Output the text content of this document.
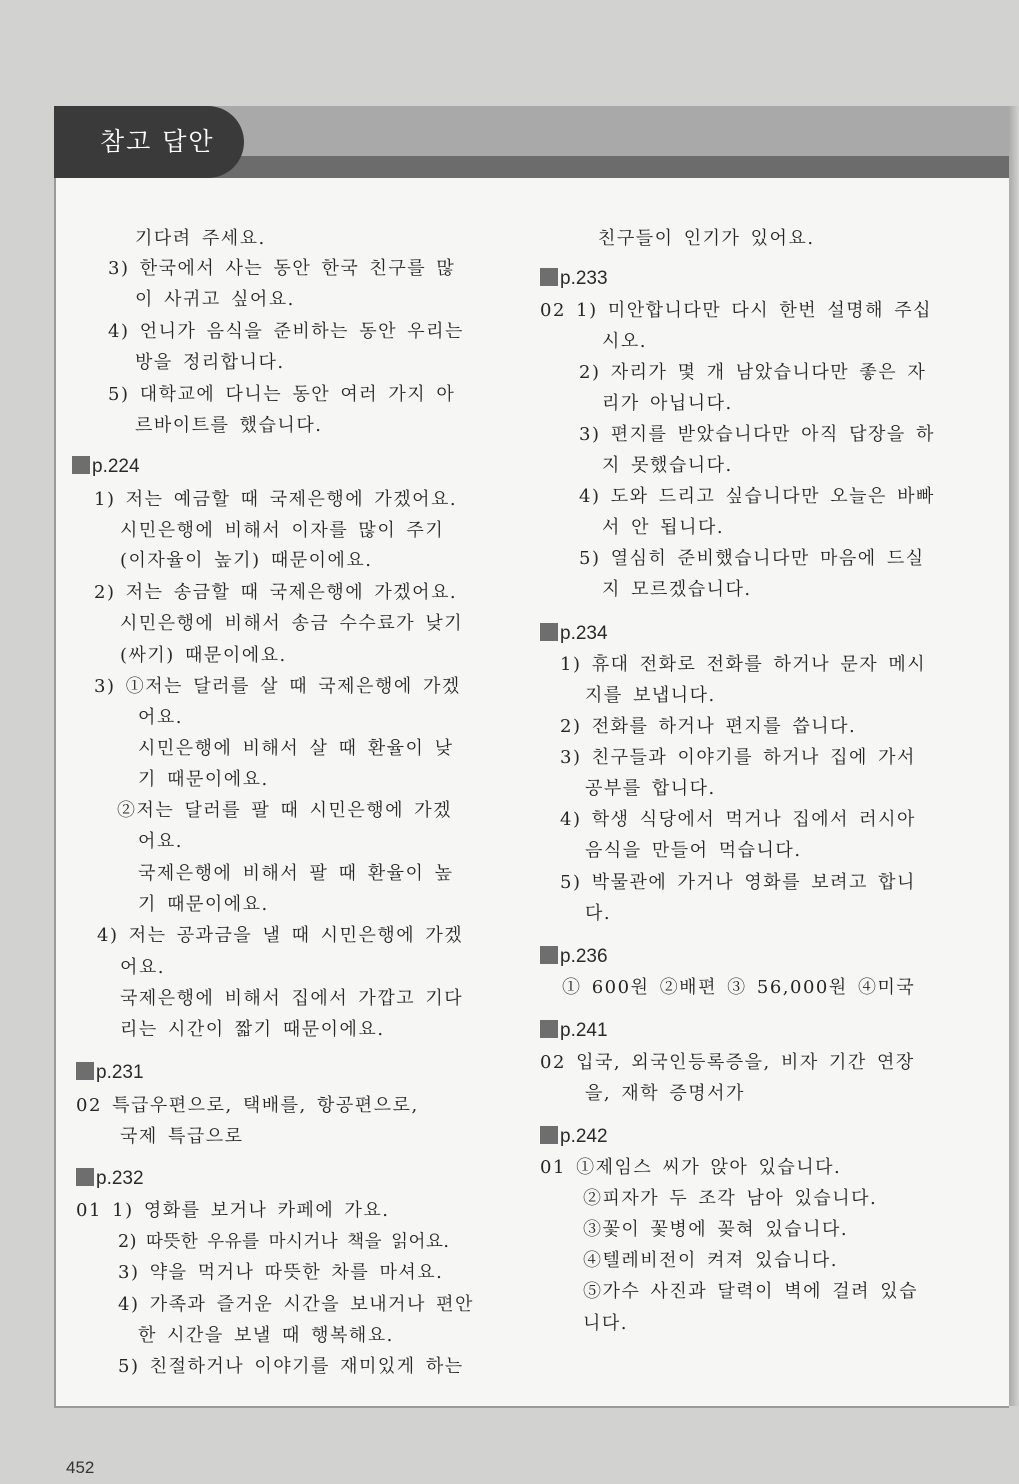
참고 답안
기다려 주세요.
3) 한국에서 사는 동안 한국 친구를 많
이 사귀고 싶어요.
4) 언니가 음식을 준비하는 동안 우리는
방을 정리합니다.
5) 대학교에 다니는 동안 여러 가지 아
르바이트를 했습니다.
p.224
1) 저는 예금할 때 국제은행에 가겠어요.
시민은행에 비해서 이자를 많이 주기
(이자율이 높기) 때문이에요.
2) 저는 송금할 때 국제은행에 가겠어요.
시민은행에 비해서 송금 수수료가 낮기
(싸기) 때문이에요.
3) ①저는 달러를 살 때 국제은행에 가겠
어요.
시민은행에 비해서 살 때 환율이 낮
기 때문이에요.
②저는 달러를 팔 때 시민은행에 가겠
어요.
국제은행에 비해서 팔 때 환율이 높
기 때문이에요.
4) 저는 공과금을 낼 때 시민은행에 가겠
어요.
국제은행에 비해서 집에서 가깝고 기다
리는 시간이 짧기 때문이에요.
p.231
02 특급우편으로, 택배를, 항공편으로,
국제 특급으로
p.232
01 1) 영화를 보거나 카페에 가요.
2) 따뜻한 우유를 마시거나 책을 읽어요.
3) 약을 먹거나 따뜻한 차를 마셔요.
4) 가족과 즐거운 시간을 보내거나 편안
한 시간을 보낼 때 행복해요.
5) 친절하거나 이야기를 재미있게 하는
친구들이 인기가 있어요.
p.233
02 1) 미안합니다만 다시 한번 설명해 주십
시오.
2) 자리가 몇 개 남았습니다만 좋은 자
리가 아닙니다.
3) 편지를 받았습니다만 아직 답장을 하
지 못했습니다.
4) 도와 드리고 싶습니다만 오늘은 바빠
서 안 됩니다.
5) 열심히 준비했습니다만 마음에 드실
지 모르겠습니다.
p.234
1) 휴대 전화로 전화를 하거나 문자 메시
지를 보냅니다.
2) 전화를 하거나 편지를 씁니다.
3) 친구들과 이야기를 하거나 집에 가서
공부를 합니다.
4) 학생 식당에서 먹거나 집에서 러시아
음식을 만들어 먹습니다.
5) 박물관에 가거나 영화를 보려고 합니
다.
p.236
① 600원 ②배편 ③ 56,000원 ④미국
p.241
02 입국, 외국인등록증을, 비자 기간 연장
을, 재학 증명서가
p.242
01 ①제임스 씨가 앉아 있습니다.
②피자가 두 조각 남아 있습니다.
③꽃이 꽃병에 꽂혀 있습니다.
④텔레비전이 켜져 있습니다.
⑤가수 사진과 달력이 벽에 걸려 있습
니다.
452
